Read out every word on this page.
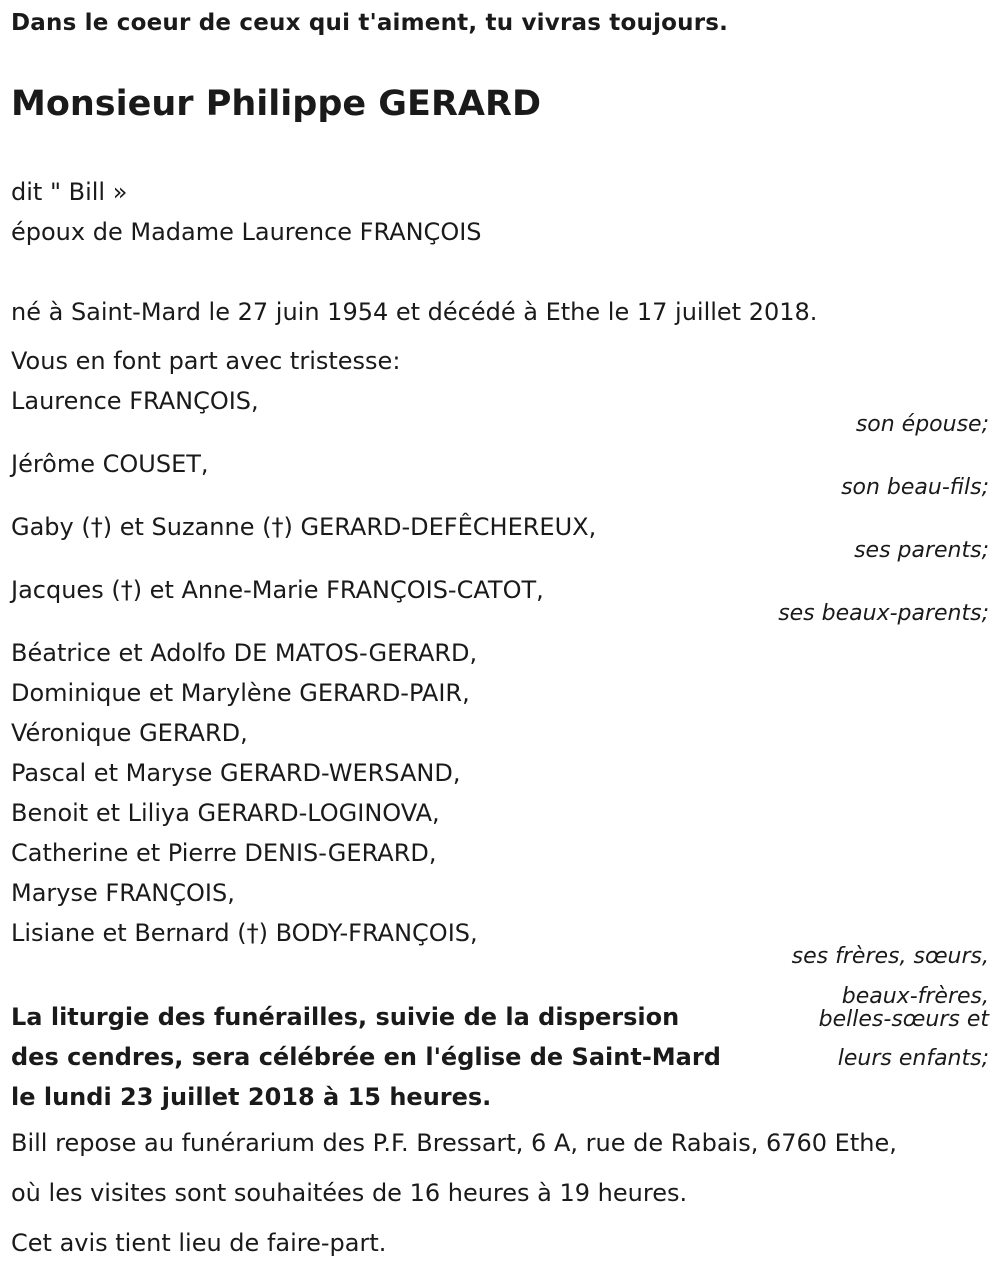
Dans le coeur de ceux qui t'aiment, tu vivras toujours.
Monsieur Philippe GERARD
dit " Bill »
époux de Madame Laurence FRANÇOIS
né à Saint-Mard le 27 juin 1954 et décédé à Ethe le 17 juillet 2018.
Vous en font part avec tristesse:
Laurence FRANÇOIS,
son épouse;
Jérôme COUSET,
son beau-fils;
Gaby (†) et Suzanne (†) GERARD-DEFÊCHEREUX,
ses parents;
Jacques (†) et Anne-Marie FRANÇOIS-CATOT,
ses beaux-parents;
Béatrice et Adolfo DE MATOS-GERARD,
Dominique et Marylène GERARD-PAIR,
Véronique GERARD,
Pascal et Maryse GERARD-WERSAND,
Benoit et Liliya GERARD-LOGINOVA,
Catherine et Pierre DENIS-GERARD,
Maryse FRANÇOIS,
Lisiane et Bernard (†) BODY-FRANÇOIS,
ses frères, sœurs,
beaux-frères,
belles-sœurs et
leurs enfants;
La liturgie des funérailles, suivie de la dispersion
des cendres, sera célébrée en l'église de Saint-Mard
le lundi 23 juillet 2018 à 15 heures.
Bill repose au funérarium des P.F. Bressart, 6 A, rue de Rabais, 6760 Ethe,
où les visites sont souhaitées de 16 heures à 19 heures.
Cet avis tient lieu de faire-part.
